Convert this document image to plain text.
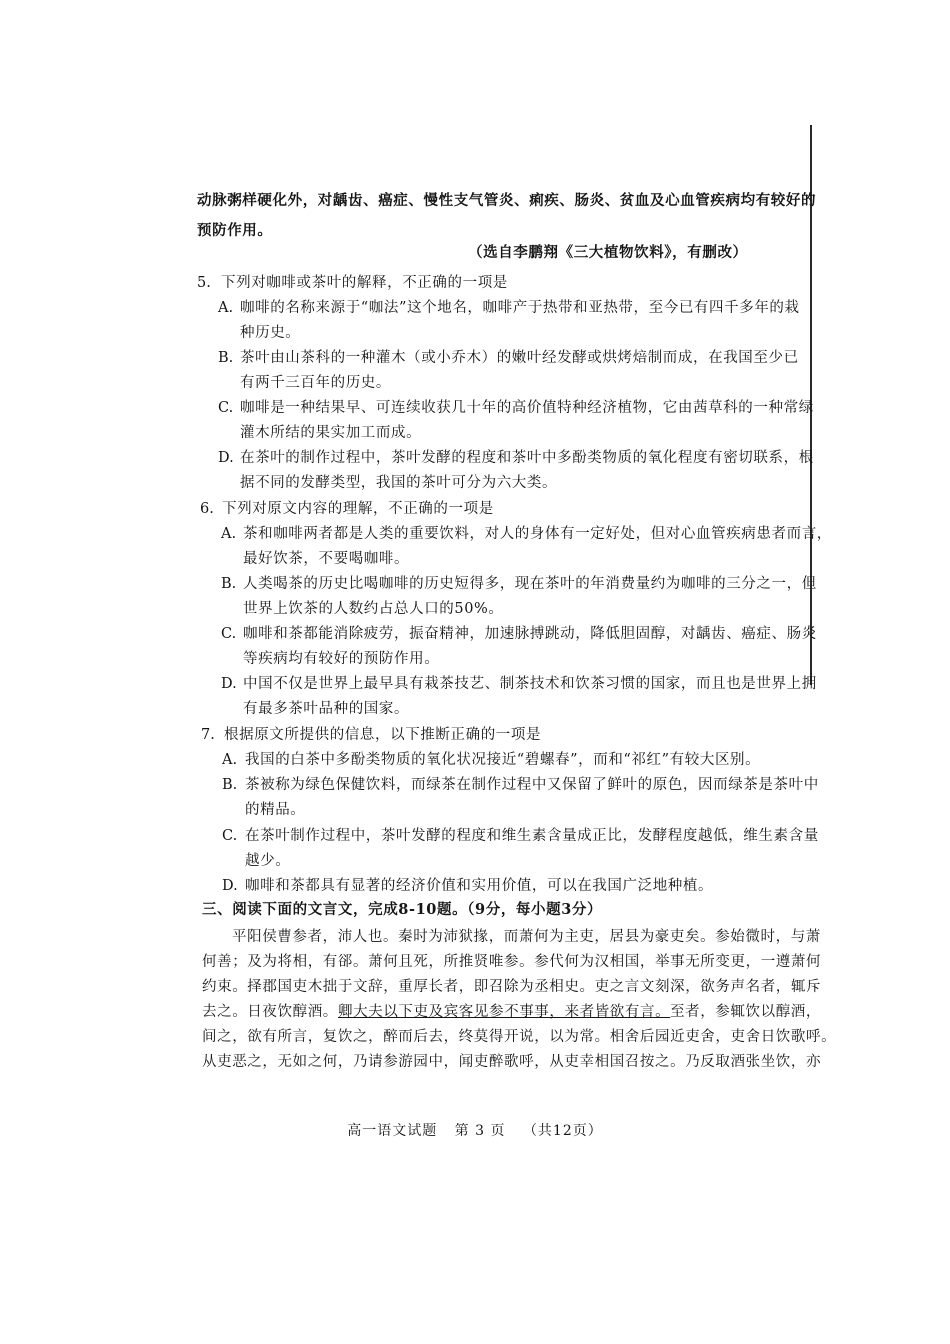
动脉粥样硬化外，对龋齿、癌症、慢性支气管炎、痢疾、肠炎、贫血及心血管疾病均有较好的
预防作用。
（选自李鹏翔《三大植物饮料》，有删改）
5. 下列对咖啡或茶叶的解释，不正确的一项是
A. 咖啡的名称来源于“咖法”这个地名，咖啡产于热带和亚热带，至今已有四千多年的栽
种历史。
B. 茶叶由山茶科的一种灌木（或小乔木）的嫩叶经发酵或烘烤焙制而成，在我国至少已
有两千三百年的历史。
C. 咖啡是一种结果早、可连续收获几十年的高价值特种经济植物，它由茜草科的一种常绿
灌木所结的果实加工而成。
D. 在茶叶的制作过程中，茶叶发酵的程度和茶叶中多酚类物质的氧化程度有密切联系，根
据不同的发酵类型，我国的茶叶可分为六大类。
6. 下列对原文内容的理解，不正确的一项是
A. 茶和咖啡两者都是人类的重要饮料，对人的身体有一定好处，但对心血管疾病患者而言，
最好饮茶，不要喝咖啡。
B. 人类喝茶的历史比喝咖啡的历史短得多，现在茶叶的年消费量约为咖啡的三分之一，但
世界上饮茶的人数约占总人口的50%。
C. 咖啡和茶都能消除疲劳，振奋精神，加速脉搏跳动，降低胆固醇，对龋齿、癌症、肠炎
等疾病均有较好的预防作用。
D. 中国不仅是世界上最早具有栽茶技艺、制茶技术和饮茶习惯的国家，而且也是世界上拥
有最多茶叶品种的国家。
7. 根据原文所提供的信息，以下推断正确的一项是
A. 我国的白茶中多酚类物质的氧化状况接近“碧螺春”，而和“祁红”有较大区别。
B. 茶被称为绿色保健饮料，而绿茶在制作过程中又保留了鲜叶的原色，因而绿茶是茶叶中
的精品。
C. 在茶叶制作过程中，茶叶发酵的程度和维生素含量成正比，发酵程度越低，维生素含量
越少。
D. 咖啡和茶都具有显著的经济价值和实用价值，可以在我国广泛地种植。
三、阅读下面的文言文，完成8-10题。（9分，每小题3分）
平阳侯曹参者，沛人也。秦时为沛狱掾，而萧何为主吏，居县为豪吏矣。参始微时，与萧
何善；及为将相，有郤。萧何且死，所推贤唯参。参代何为汉相国，举事无所变更，一遵萧何
约束。择郡国吏木拙于文辞，重厚长者，即召除为丞相史。吏之言文刻深，欲务声名者，辄斥
去之。日夜饮醇酒。 卿大夫以下吏及宾客见参不事事，来者皆欲有言。 至者，参辄饮以醇酒，
间之，欲有所言，复饮之，醉而后去，终莫得开说，以为常。相舍后园近吏舍，吏舍日饮歌呼。
从吏恶之，无如之何，乃请参游园中，闻吏醉歌呼，从吏幸相国召按之。乃反取酒张坐饮，亦
高一语文试题 第 3 页 （共12页）
